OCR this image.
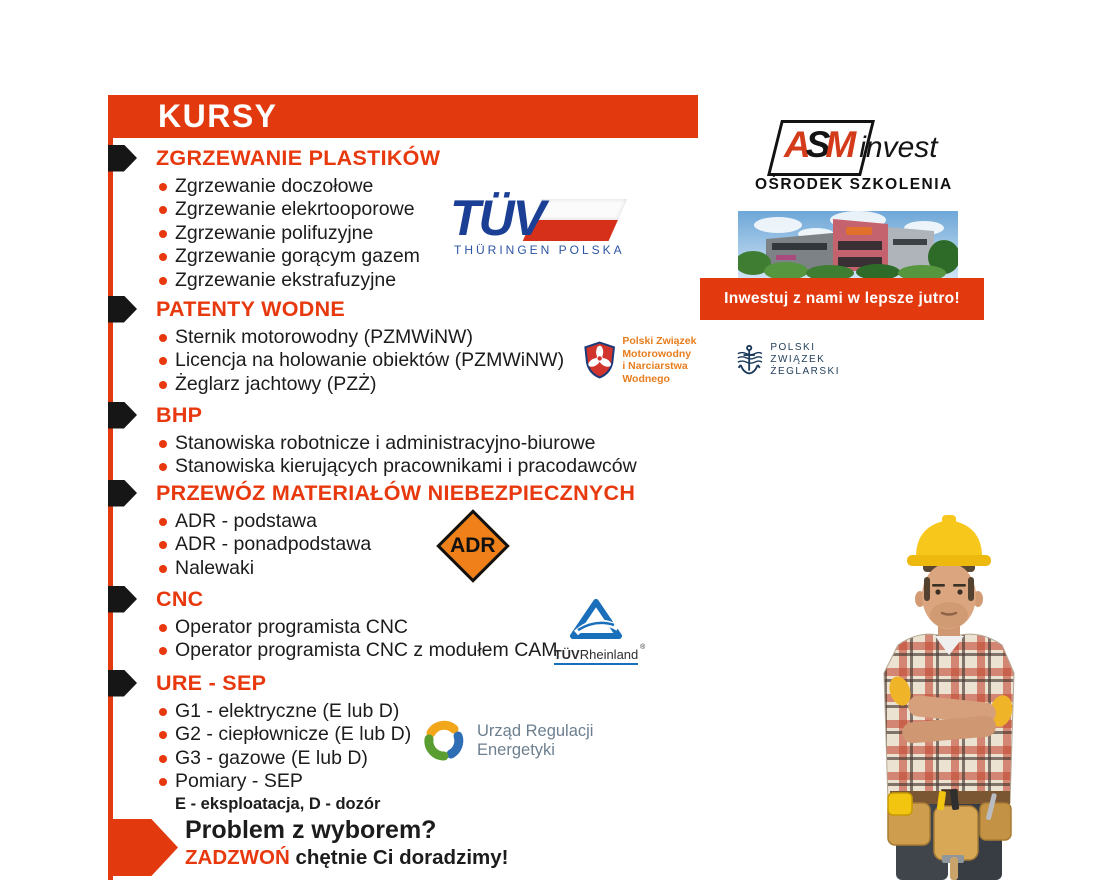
KURSY
ZGRZEWANIE PLASTIKÓW
Zgrzewanie doczołowe
Zgrzewanie elekrtooporowe
Zgrzewanie polifuzyjne
Zgrzewanie gorącym gazem
Zgrzewanie ekstrafuzyjne
PATENTY WODNE
Sternik motorowodny (PZMWiNW)
Licencja na holowanie obiektów (PZMWiNW)
Żeglarz jachtowy (PZŻ)
BHP
Stanowiska robotnicze i administracyjno-biurowe
Stanowiska kierujących pracownikami i pracodawców
PRZEWÓZ MATERIAŁÓW NIEBEZPIECZNYCH
ADR - podstawa
ADR - ponadpodstawa
Nalewaki
CNC
Operator programista CNC
Operator programista CNC z modułem CAM
URE - SEP
G1 - elektryczne (E lub D)
G2 - ciepłownicze (E lub D)
G3 - gazowe (E lub D)
Pomiary - SEP
E - eksploatacja, D - dozór
Problem z wyborem?
ZADZWOŃ chętnie Ci doradzimy!
TÜV
THÜRINGEN POLSKA
Polski Związek Motorowodny
i Narciarstwa Wodnego
POLSKI
ZWIĄZEK
ŻEGLARSKI
ADR
TÜVRheinland ®
Urząd Regulacji
Energetyki
ASM invest
OŚRODEK SZKOLENIA
Inwestuj z nami w lepsze jutro!
